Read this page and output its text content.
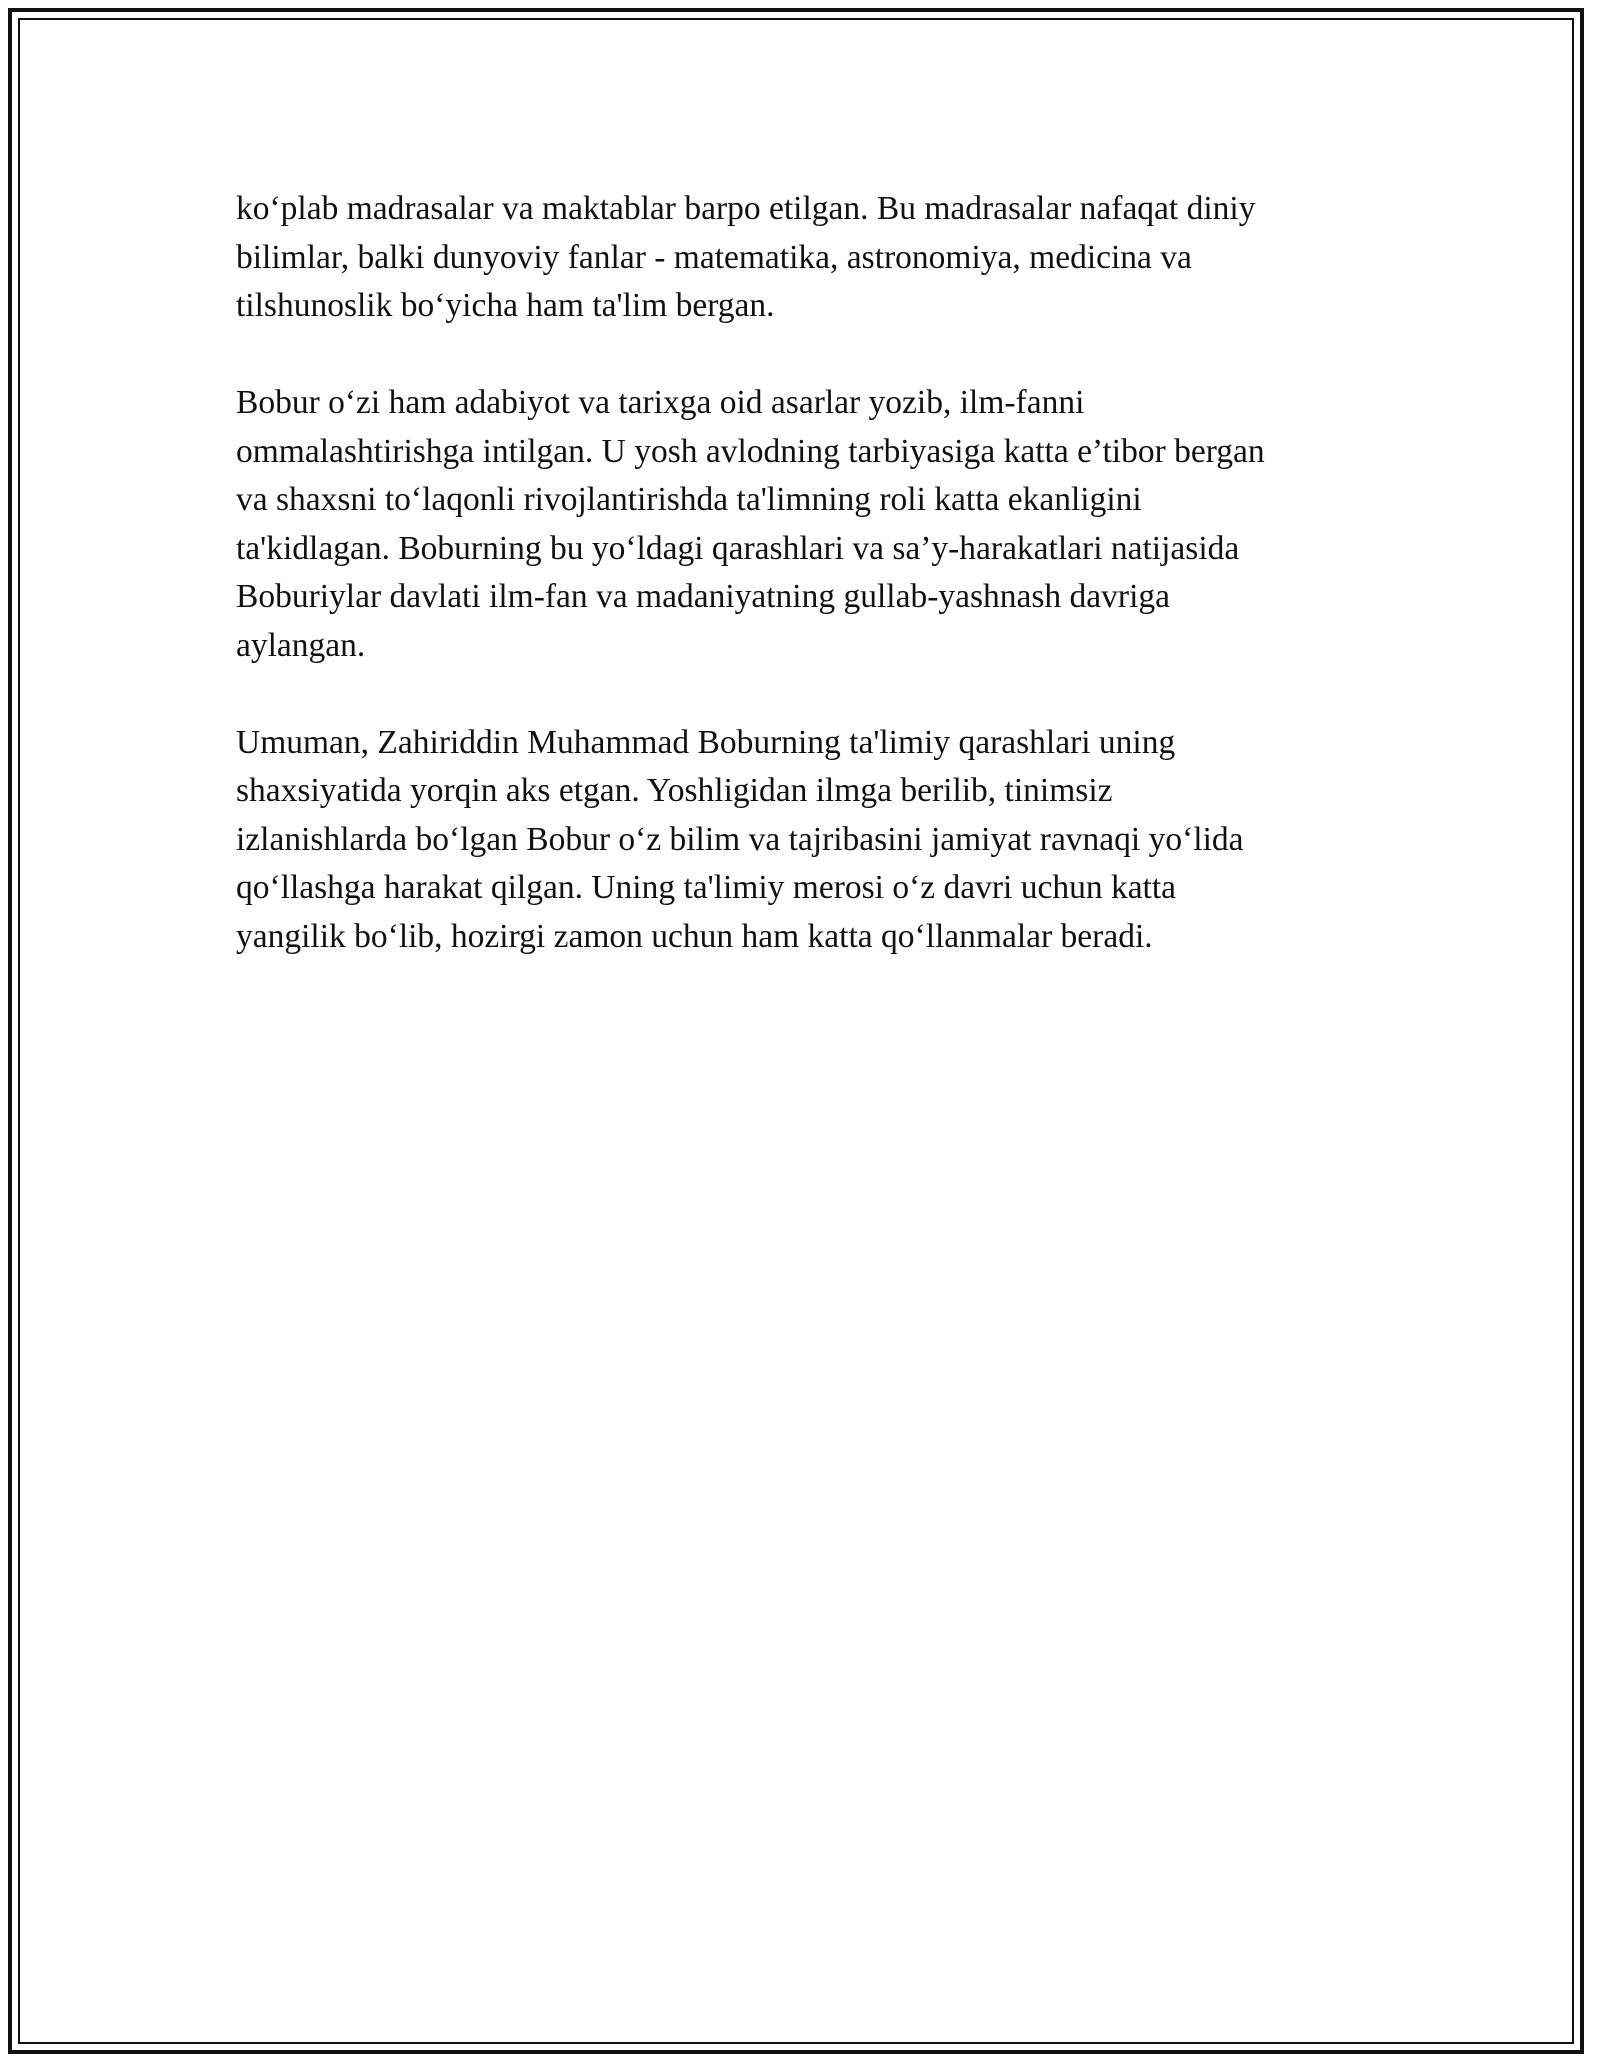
ko‘plab madrasalar va maktablar barpo etilgan. Bu madrasalar nafaqat diniy
bilimlar, balki dunyoviy fanlar - matematika, astronomiya, medicina va
tilshunoslik bo‘yicha ham ta'lim bergan.

Bobur o‘zi ham adabiyot va tarixga oid asarlar yozib, ilm-fanni
ommalashtirishga intilgan. U yosh avlodning tarbiyasiga katta e’tibor bergan
va shaxsni to‘laqonli rivojlantirishda ta'limning roli katta ekanligini
ta'kidlagan. Boburning bu yo‘ldagi qarashlari va sa’y-harakatlari natijasida
Boburiylar davlati ilm-fan va madaniyatning gullab-yashnash davriga
aylangan.

Umuman, Zahiriddin Muhammad Boburning ta'limiy qarashlari uning
shaxsiyatida yorqin aks etgan. Yoshligidan ilmga berilib, tinimsiz
izlanishlarda bo‘lgan Bobur o‘z bilim va tajribasini jamiyat ravnaqi yo‘lida
qo‘llashga harakat qilgan. Uning ta'limiy merosi o‘z davri uchun katta
yangilik bo‘lib, hozirgi zamon uchun ham katta qo‘llanmalar beradi.
